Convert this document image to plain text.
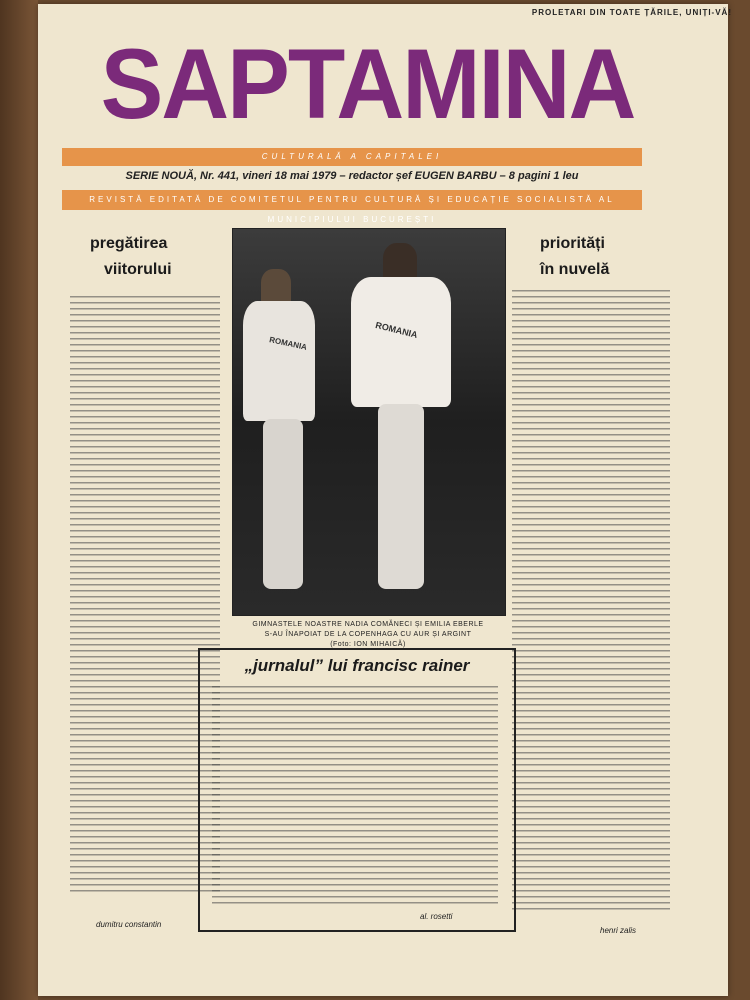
PROLETARI DIN TOATE ȚĂRILE, UNIȚI-VĂ!
SAPTAMINA
CULTURALĂ A CAPITALEI
SERIE NOUĂ, Nr. 441, vineri 18 mai 1979 – redactor șef EUGEN BARBU – 8 pagini 1 leu
REVISTĂ EDITATĂ DE COMITETUL PENTRU CULTURĂ ȘI EDUCAȚIE SOCIALISTĂ AL MUNICIPIULUI BUCUREȘTI
pregătirea
viitorului
dumitru constantin
ROMANIA
ROMANIA
GIMNASTELE NOASTRE NADIA COMĂNECI ȘI EMILIA EBERLE
S-AU ÎNAPOIAT DE LA COPENHAGA CU AUR ȘI ARGINT
(Foto: ION MIHAICĂ)
priorități
în nuvelă
henri zalis
„jurnalul” lui francisc rainer
al. rosetti
